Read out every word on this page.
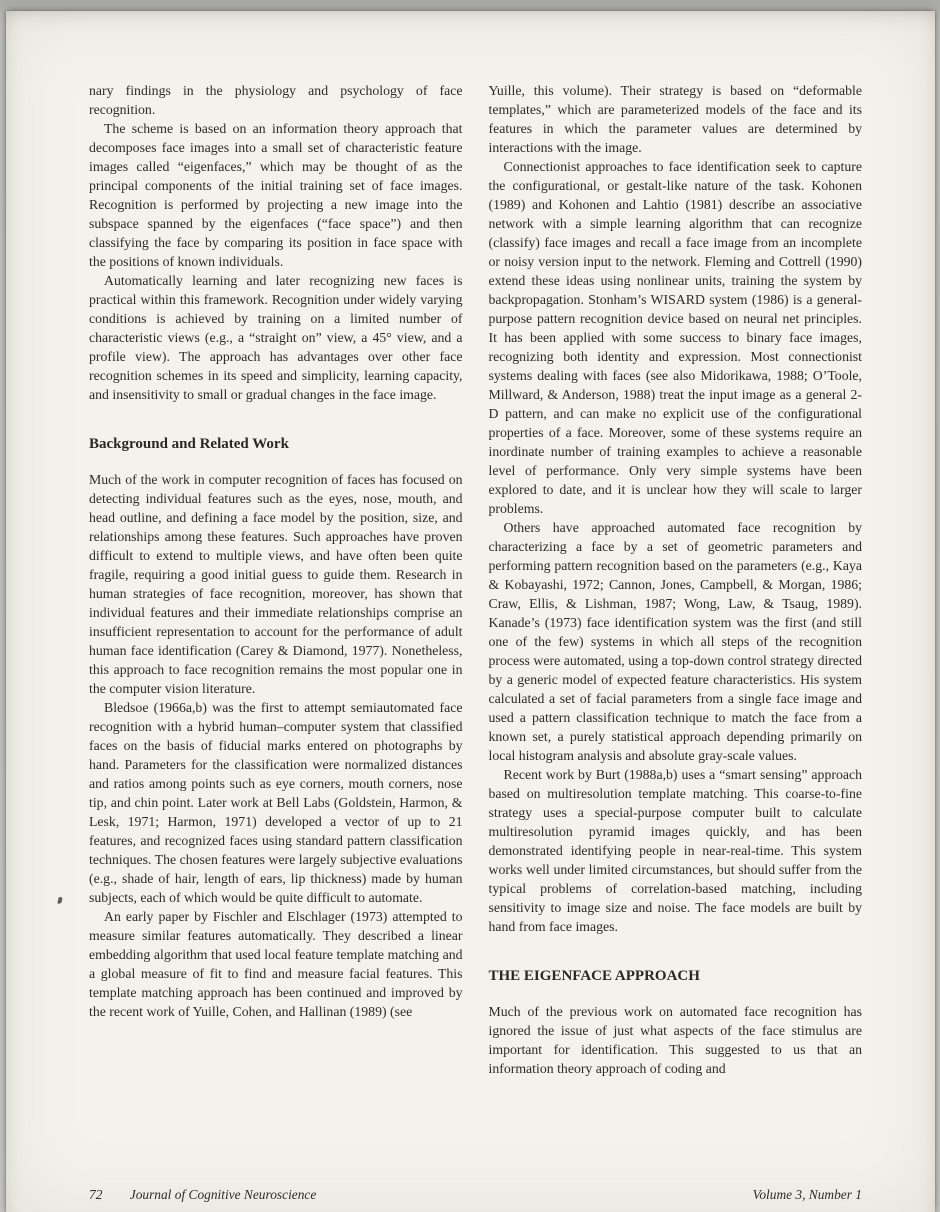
nary findings in the physiology and psychology of face recognition.

The scheme is based on an information theory approach that decomposes face images into a small set of characteristic feature images called “eigenfaces,” which may be thought of as the principal components of the initial training set of face images. Recognition is performed by projecting a new image into the subspace spanned by the eigenfaces (“face space”) and then classifying the face by comparing its position in face space with the positions of known individuals.

Automatically learning and later recognizing new faces is practical within this framework. Recognition under widely varying conditions is achieved by training on a limited number of characteristic views (e.g., a “straight on” view, a 45° view, and a profile view). The approach has advantages over other face recognition schemes in its speed and simplicity, learning capacity, and insensitivity to small or gradual changes in the face image.

Background and Related Work

Much of the work in computer recognition of faces has focused on detecting individual features such as the eyes, nose, mouth, and head outline, and defining a face model by the position, size, and relationships among these features. Such approaches have proven difficult to extend to multiple views, and have often been quite fragile, requiring a good initial guess to guide them. Research in human strategies of face recognition, moreover, has shown that individual features and their immediate relationships comprise an insufficient representation to account for the performance of adult human face identification (Carey & Diamond, 1977). Nonetheless, this approach to face recognition remains the most popular one in the computer vision literature.

Bledsoe (1966a,b) was the first to attempt semiautomated face recognition with a hybrid human–computer system that classified faces on the basis of fiducial marks entered on photographs by hand. Parameters for the classification were normalized distances and ratios among points such as eye corners, mouth corners, nose tip, and chin point. Later work at Bell Labs (Goldstein, Harmon, & Lesk, 1971; Harmon, 1971) developed a vector of up to 21 features, and recognized faces using standard pattern classification techniques. The chosen features were largely subjective evaluations (e.g., shade of hair, length of ears, lip thickness) made by human subjects, each of which would be quite difficult to automate.

An early paper by Fischler and Elschlager (1973) attempted to measure similar features automatically. They described a linear embedding algorithm that used local feature template matching and a global measure of fit to find and measure facial features. This template matching approach has been continued and improved by the recent work of Yuille, Cohen, and Hallinan (1989) (see

Yuille, this volume). Their strategy is based on “deformable templates,” which are parameterized models of the face and its features in which the parameter values are determined by interactions with the image.

Connectionist approaches to face identification seek to capture the configurational, or gestalt-like nature of the task. Kohonen (1989) and Kohonen and Lahtio (1981) describe an associative network with a simple learning algorithm that can recognize (classify) face images and recall a face image from an incomplete or noisy version input to the network. Fleming and Cottrell (1990) extend these ideas using nonlinear units, training the system by backpropagation. Stonham’s WISARD system (1986) is a general-purpose pattern recognition device based on neural net principles. It has been applied with some success to binary face images, recognizing both identity and expression. Most connectionist systems dealing with faces (see also Midorikawa, 1988; O’Toole, Millward, & Anderson, 1988) treat the input image as a general 2-D pattern, and can make no explicit use of the configurational properties of a face. Moreover, some of these systems require an inordinate number of training examples to achieve a reasonable level of performance. Only very simple systems have been explored to date, and it is unclear how they will scale to larger problems.

Others have approached automated face recognition by characterizing a face by a set of geometric parameters and performing pattern recognition based on the parameters (e.g., Kaya & Kobayashi, 1972; Cannon, Jones, Campbell, & Morgan, 1986; Craw, Ellis, & Lishman, 1987; Wong, Law, & Tsaug, 1989). Kanade’s (1973) face identification system was the first (and still one of the few) systems in which all steps of the recognition process were automated, using a top-down control strategy directed by a generic model of expected feature characteristics. His system calculated a set of facial parameters from a single face image and used a pattern classification technique to match the face from a known set, a purely statistical approach depending primarily on local histogram analysis and absolute gray-scale values.

Recent work by Burt (1988a,b) uses a “smart sensing” approach based on multiresolution template matching. This coarse-to-fine strategy uses a special-purpose computer built to calculate multiresolution pyramid images quickly, and has been demonstrated identifying people in near-real-time. This system works well under limited circumstances, but should suffer from the typical problems of correlation-based matching, including sensitivity to image size and noise. The face models are built by hand from face images.

THE EIGENFACE APPROACH

Much of the previous work on automated face recognition has ignored the issue of just what aspects of the face stimulus are important for identification. This suggested to us that an information theory approach of coding and

72 Journal of Cognitive Neuroscience	Volume 3, Number 1
